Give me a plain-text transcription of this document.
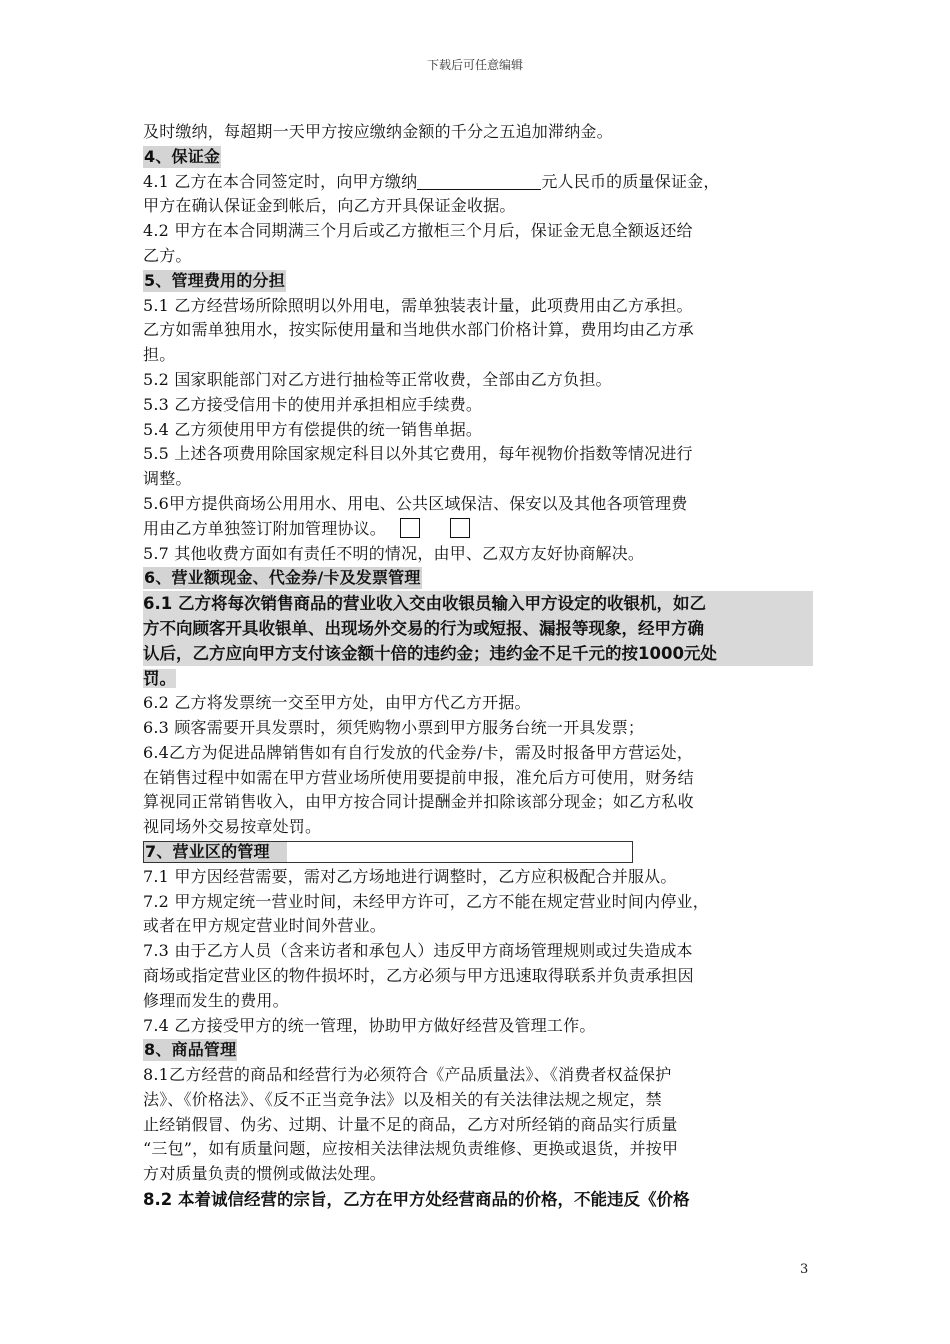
下载后可任意编辑
及时缴纳，每超期一天甲方按应缴纳金额的千分之五追加滞纳金。
4、保证金
4.1 乙方在本合同签定时，向甲方缴纳	元人民币的质量保证金，
甲方在确认保证金到帐后，向乙方开具保证金收据。
4.2 甲方在本合同期满三个月后或乙方撤柜三个月后，保证金无息全额返还给
乙方。
5、管理费用的分担
5.1 乙方经营场所除照明以外用电，需单独装表计量，此项费用由乙方承担。
乙方如需单独用水，按实际使用量和当地供水部门价格计算，费用均由乙方承
担。
5.2 国家职能部门对乙方进行抽检等正常收费，全部由乙方负担。
5.3 乙方接受信用卡的使用并承担相应手续费。
5.4 乙方须使用甲方有偿提供的统一销售单据。
5.5 上述各项费用除国家规定科目以外其它费用，每年视物价指数等情况进行
调整。
5.6甲方提供商场公用用水、用电、公共区域保洁、保安以及其他各项管理费
用由乙方单独签订附加管理协议。
5.7 其他收费方面如有责任不明的情况，由甲、乙双方友好协商解决。
6、营业额现金、代金券/卡及发票管理
6.1 乙方将每次销售商品的营业收入交由收银员输入甲方设定的收银机，如乙
方不向顾客开具收银单、出现场外交易的行为或短报、漏报等现象，经甲方确
认后，乙方应向甲方支付该金额十倍的违约金；违约金不足千元的按1000元处
罚。
6.2 乙方将发票统一交至甲方处，由甲方代乙方开据。
6.3 顾客需要开具发票时，须凭购物小票到甲方服务台统一开具发票；
6.4乙方为促进品牌销售如有自行发放的代金券/卡，需及时报备甲方营运处，
在销售过程中如需在甲方营业场所使用要提前申报，准允后方可使用，财务结
算视同正常销售收入，由甲方按合同计提酬金并扣除该部分现金；如乙方私收
视同场外交易按章处罚。
7、营业区的管理
7.1 甲方因经营需要，需对乙方场地进行调整时，乙方应积极配合并服从。
7.2 甲方规定统一营业时间，未经甲方许可，乙方不能在规定营业时间内停业，
或者在甲方规定营业时间外营业。
7.3 由于乙方人员（含来访者和承包人）违反甲方商场管理规则或过失造成本
商场或指定营业区的物件损坏时，乙方必须与甲方迅速取得联系并负责承担因
修理而发生的费用。
7.4 乙方接受甲方的统一管理，协助甲方做好经营及管理工作。
8、商品管理
8.1乙方经营的商品和经营行为必须符合《产品质量法》、《消费者权益保护
法》、《价格法》、《反不正当竞争法》以及相关的有关法律法规之规定，禁
止经销假冒、伪劣、过期、计量不足的商品，乙方对所经销的商品实行质量
“三包”，如有质量问题，应按相关法律法规负责维修、更换或退货，并按甲
方对质量负责的惯例或做法处理。
8.2 本着诚信经营的宗旨，乙方在甲方处经营商品的价格，不能违反《价格
3
